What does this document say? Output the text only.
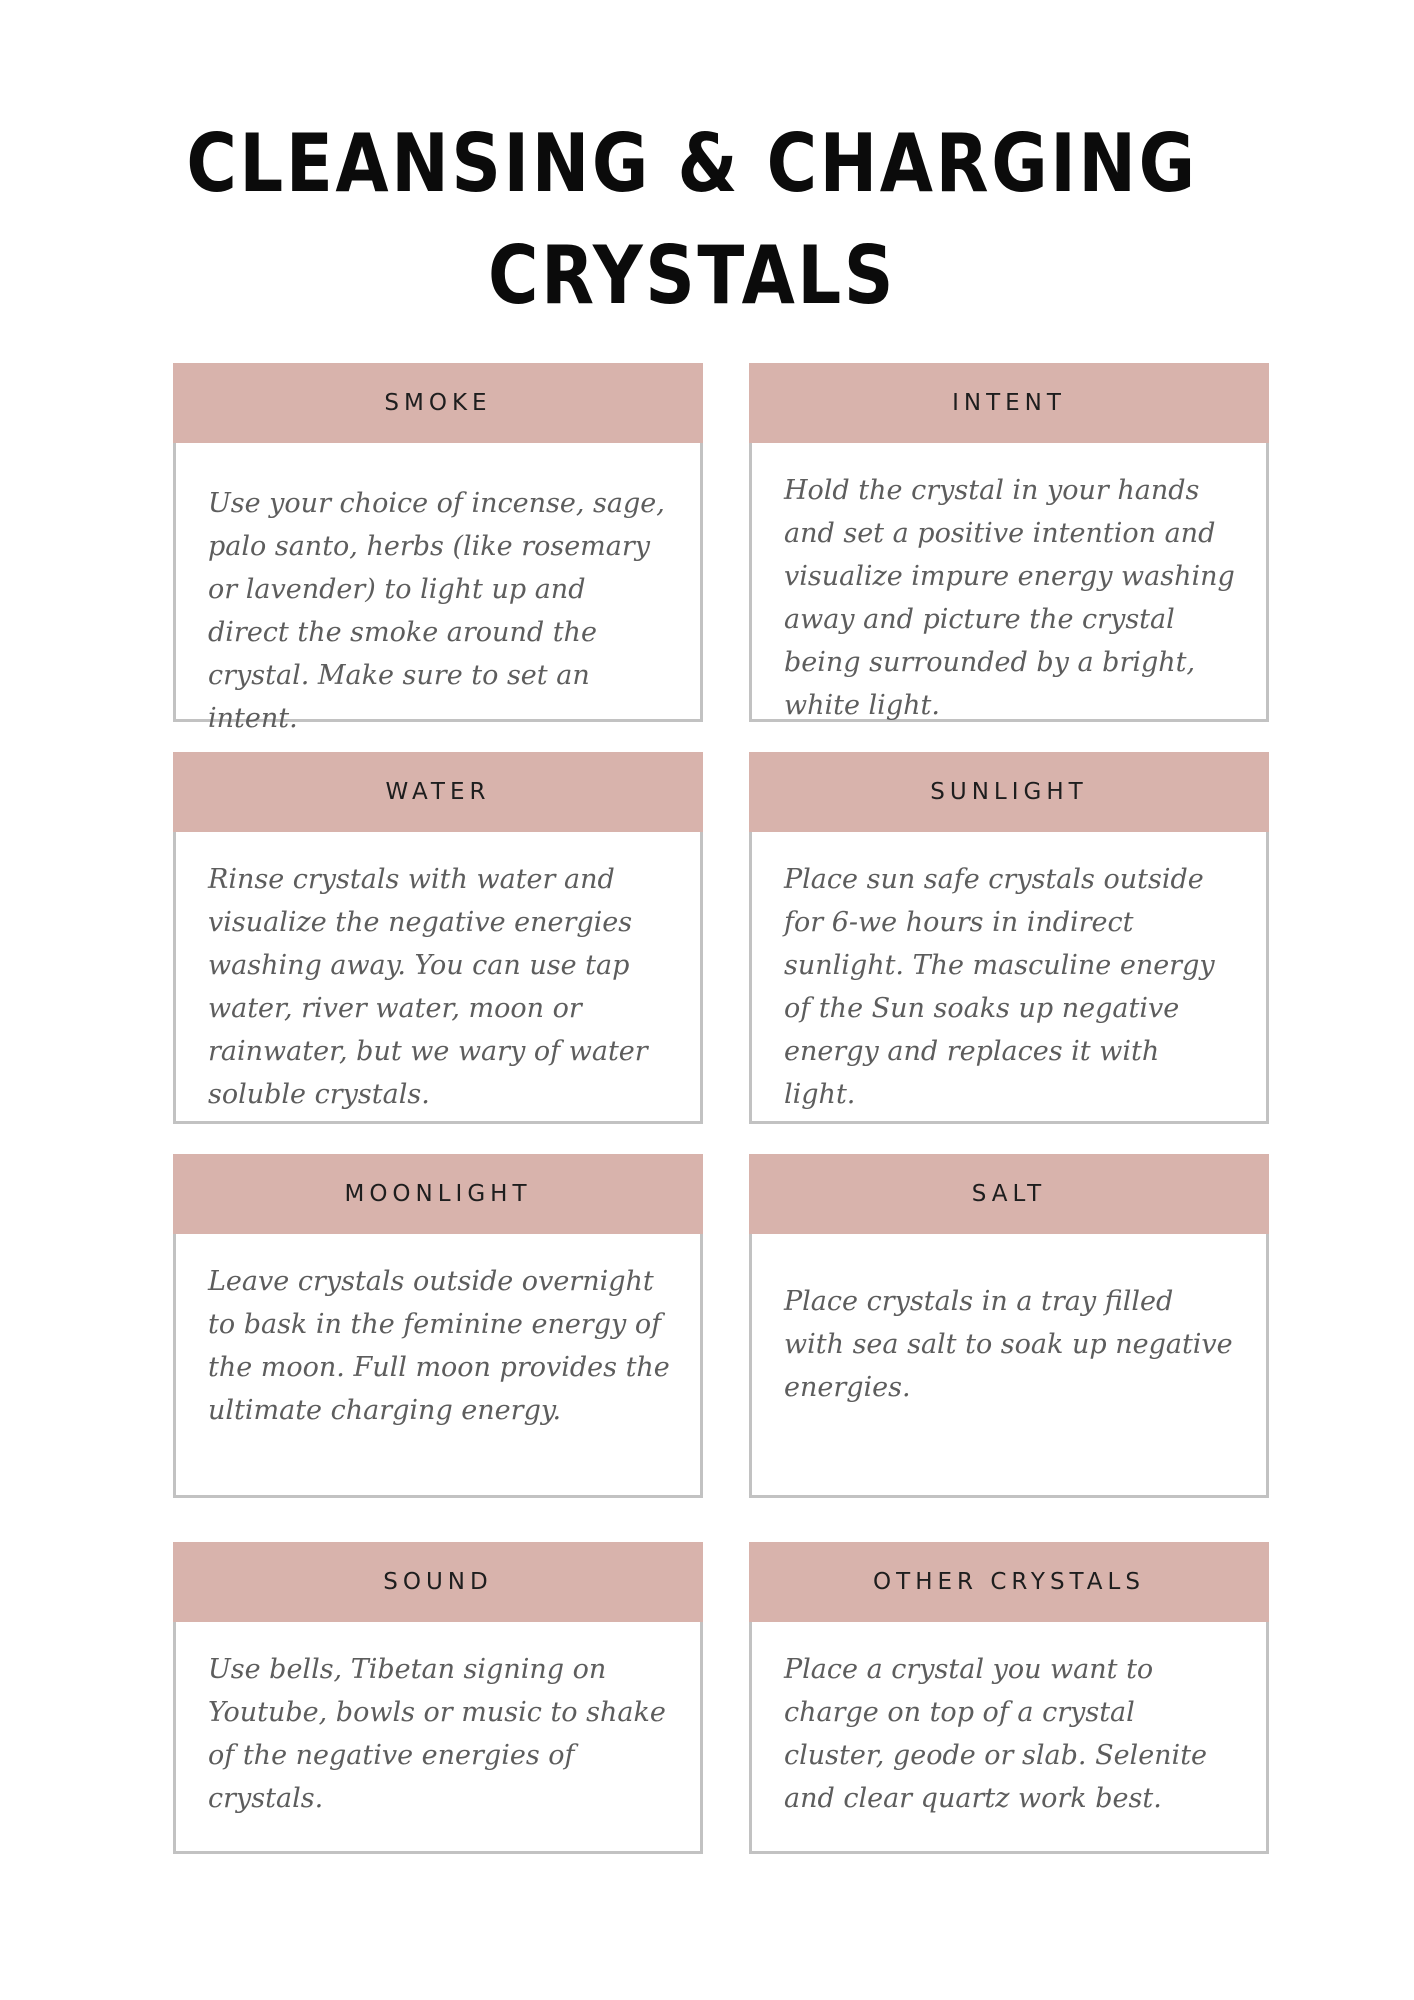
CLEANSING & CHARGING
CRYSTALS
SMOKE
Use your choice of incense, sage, palo santo, herbs (like rosemary or lavender) to light up and direct the smoke around the crystal. Make sure to set an intent.
INTENT
Hold the crystal in your hands and set a positive intention and visualize impure energy washing away and picture the crystal being surrounded by a bright, white light.
WATER
Rinse crystals with water and visualize the negative energies washing away. You can use tap water, river water, moon or rainwater, but we wary of water soluble crystals.
SUNLIGHT
Place sun safe crystals outside for 6-we hours in indirect sunlight. The masculine energy of the Sun soaks up negative energy and replaces it with light.
MOONLIGHT
Leave crystals outside overnight to bask in the feminine energy of the moon. Full moon provides the ultimate charging energy.
SALT
Place crystals in a tray filled with sea salt to soak up negative energies.
SOUND
Use bells, Tibetan signing on Youtube, bowls or music to shake of the negative energies of crystals.
OTHER CRYSTALS
Place a crystal you want to charge on top of a crystal cluster, geode or slab. Selenite and clear quartz work best.
